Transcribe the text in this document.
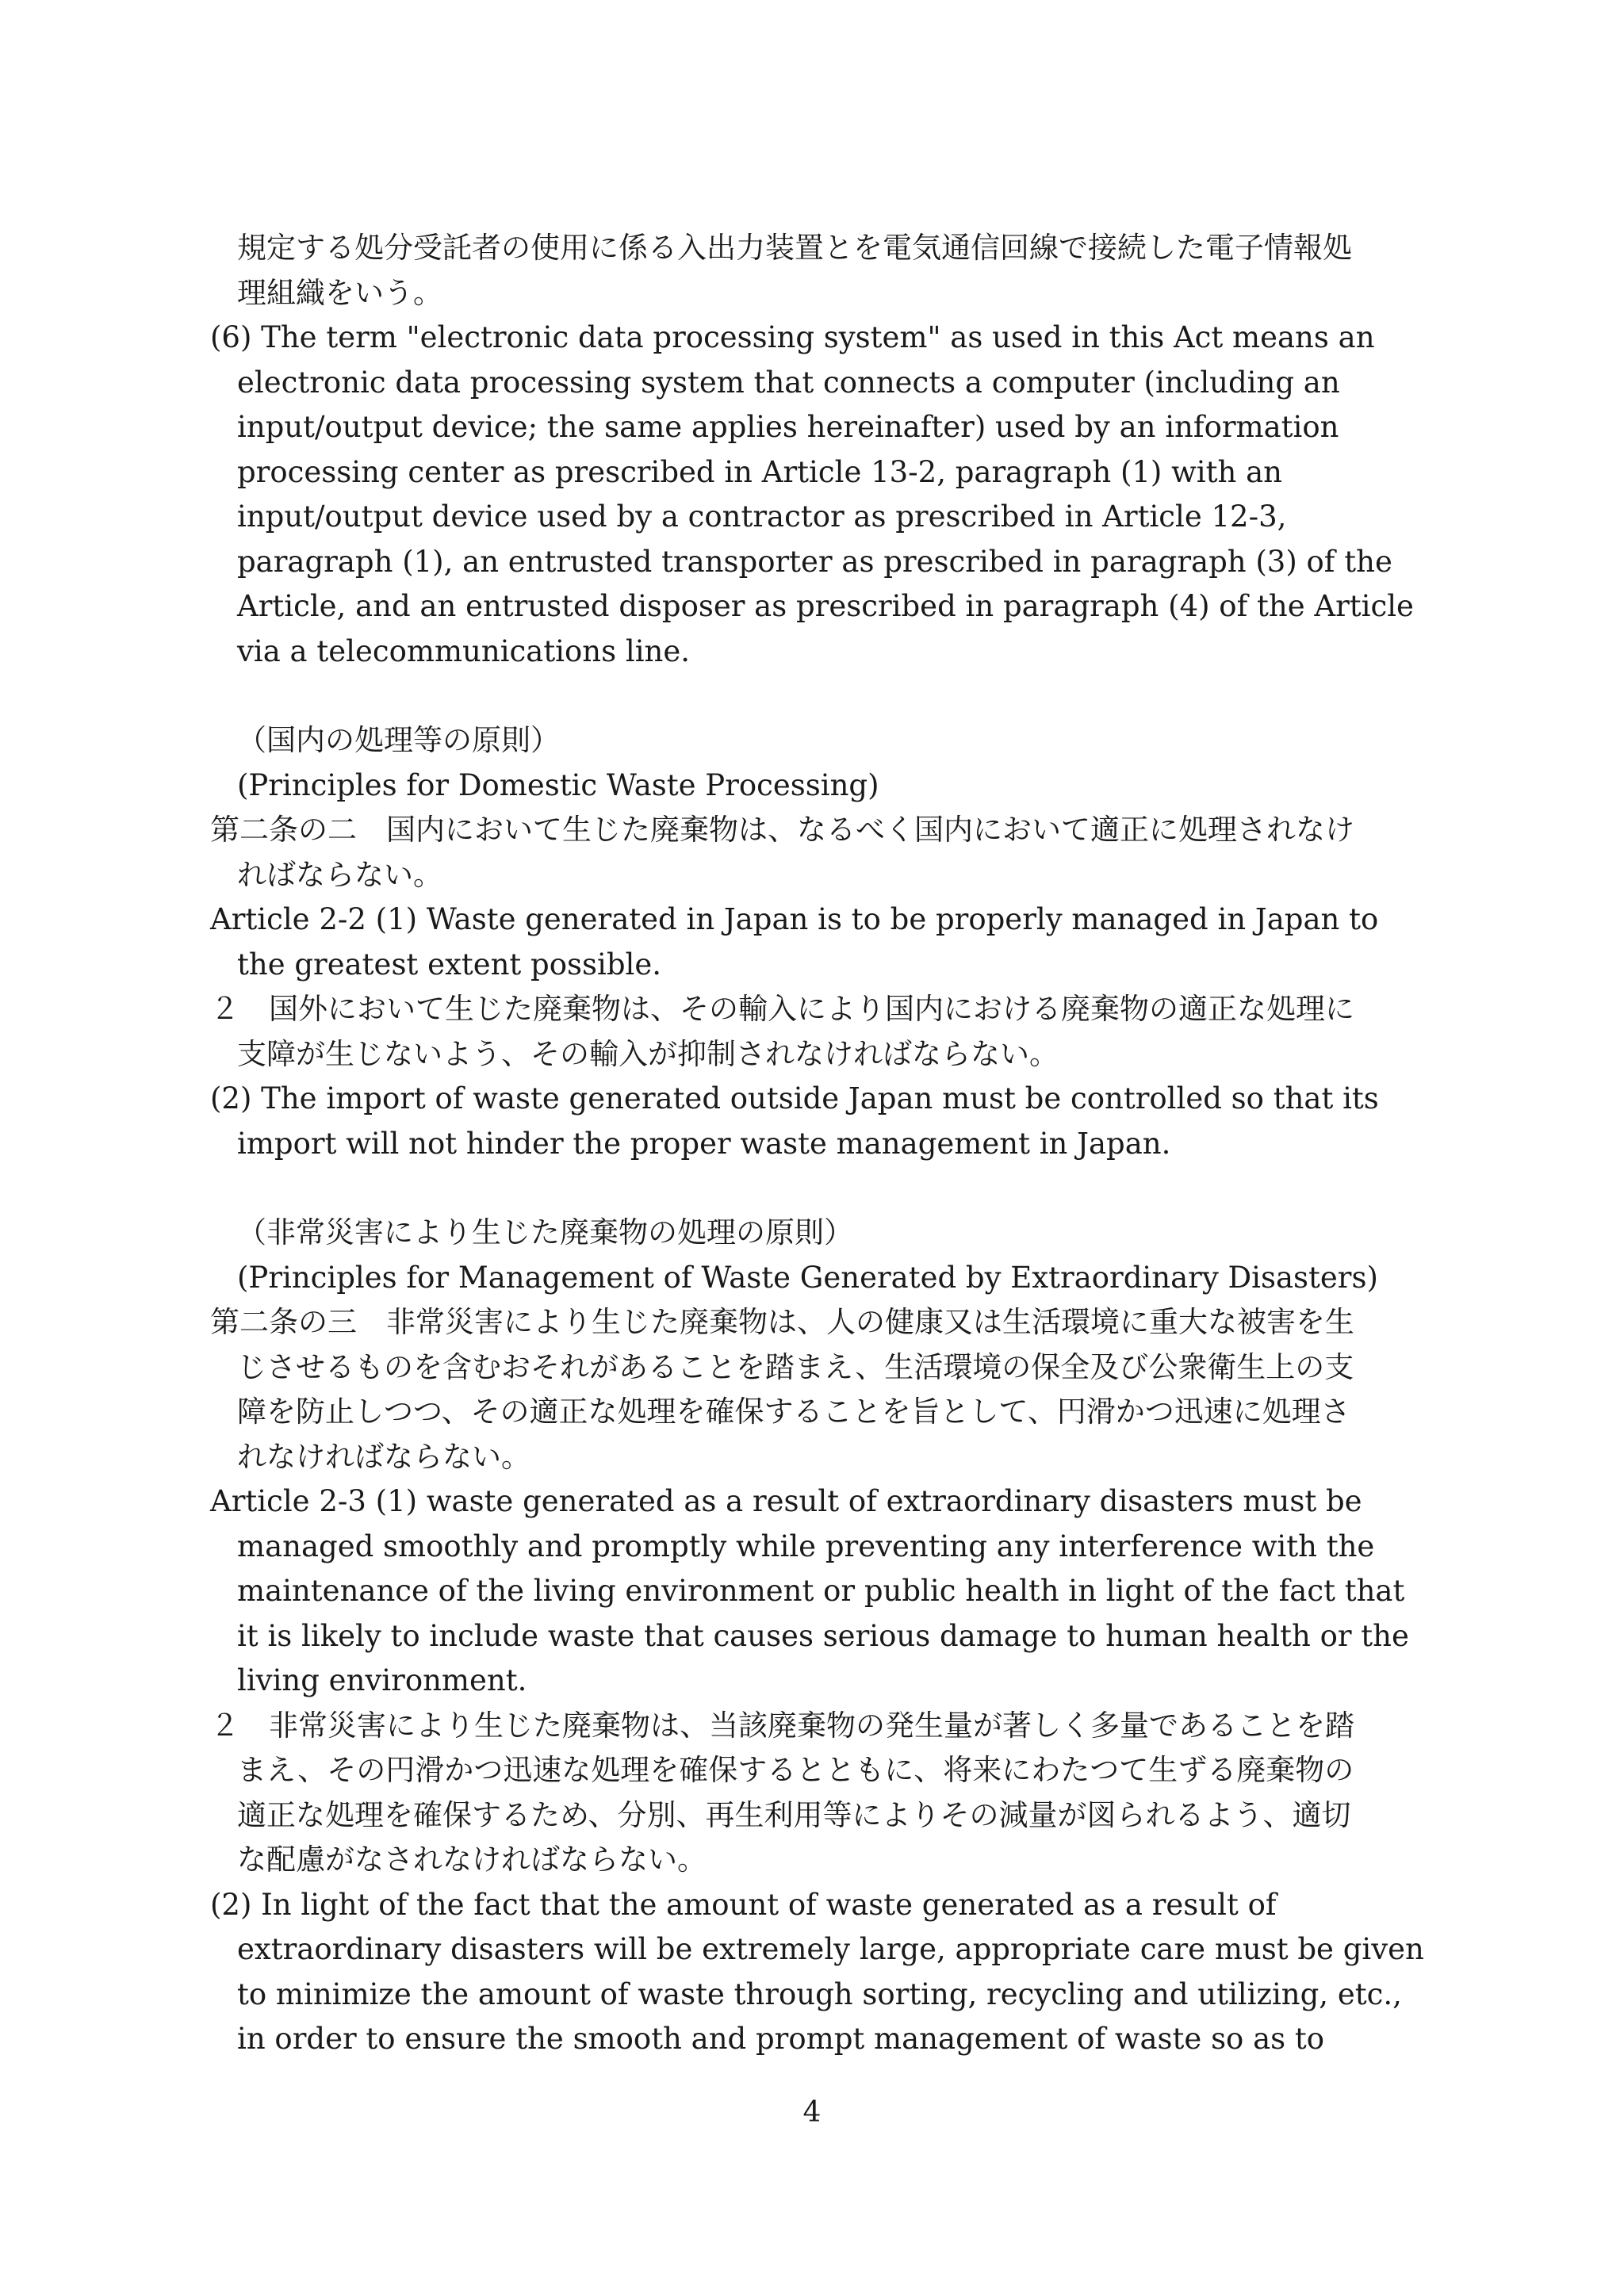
規定する処分受託者の使用に係る入出力装置とを電気通信回線で接続した電子情報処
理組織をいう。
(6) The term "electronic data processing system" as used in this Act means an
electronic data processing system that connects a computer (including an
input/output device; the same applies hereinafter) used by an information
processing center as prescribed in Article 13-2, paragraph (1) with an
input/output device used by a contractor as prescribed in Article 12-3,
paragraph (1), an entrusted transporter as prescribed in paragraph (3) of the
Article, and an entrusted disposer as prescribed in paragraph (4) of the Article
via a telecommunications line.
（国内の処理等の原則）
(Principles for Domestic Waste Processing)
第二条の二　国内において生じた廃棄物は、なるべく国内において適正に処理されなけ
ればならない。
Article 2-2 (1) Waste generated in Japan is to be properly managed in Japan to
the greatest extent possible.
２　国外において生じた廃棄物は、その輸入により国内における廃棄物の適正な処理に
支障が生じないよう、その輸入が抑制されなければならない。
(2) The import of waste generated outside Japan must be controlled so that its
import will not hinder the proper waste management in Japan.
（非常災害により生じた廃棄物の処理の原則）
(Principles for Management of Waste Generated by Extraordinary Disasters)
第二条の三　非常災害により生じた廃棄物は、人の健康又は生活環境に重大な被害を生
じさせるものを含むおそれがあることを踏まえ、生活環境の保全及び公衆衛生上の支
障を防止しつつ、その適正な処理を確保することを旨として、円滑かつ迅速に処理さ
れなければならない。
Article 2-3 (1) waste generated as a result of extraordinary disasters must be
managed smoothly and promptly while preventing any interference with the
maintenance of the living environment or public health in light of the fact that
it is likely to include waste that causes serious damage to human health or the
living environment.
２　非常災害により生じた廃棄物は、当該廃棄物の発生量が著しく多量であることを踏
まえ、その円滑かつ迅速な処理を確保するとともに、将来にわたつて生ずる廃棄物の
適正な処理を確保するため、分別、再生利用等によりその減量が図られるよう、適切
な配慮がなされなければならない。
(2) In light of the fact that the amount of waste generated as a result of
extraordinary disasters will be extremely large, appropriate care must be given
to minimize the amount of waste through sorting, recycling and utilizing, etc.,
in order to ensure the smooth and prompt management of waste so as to
4
